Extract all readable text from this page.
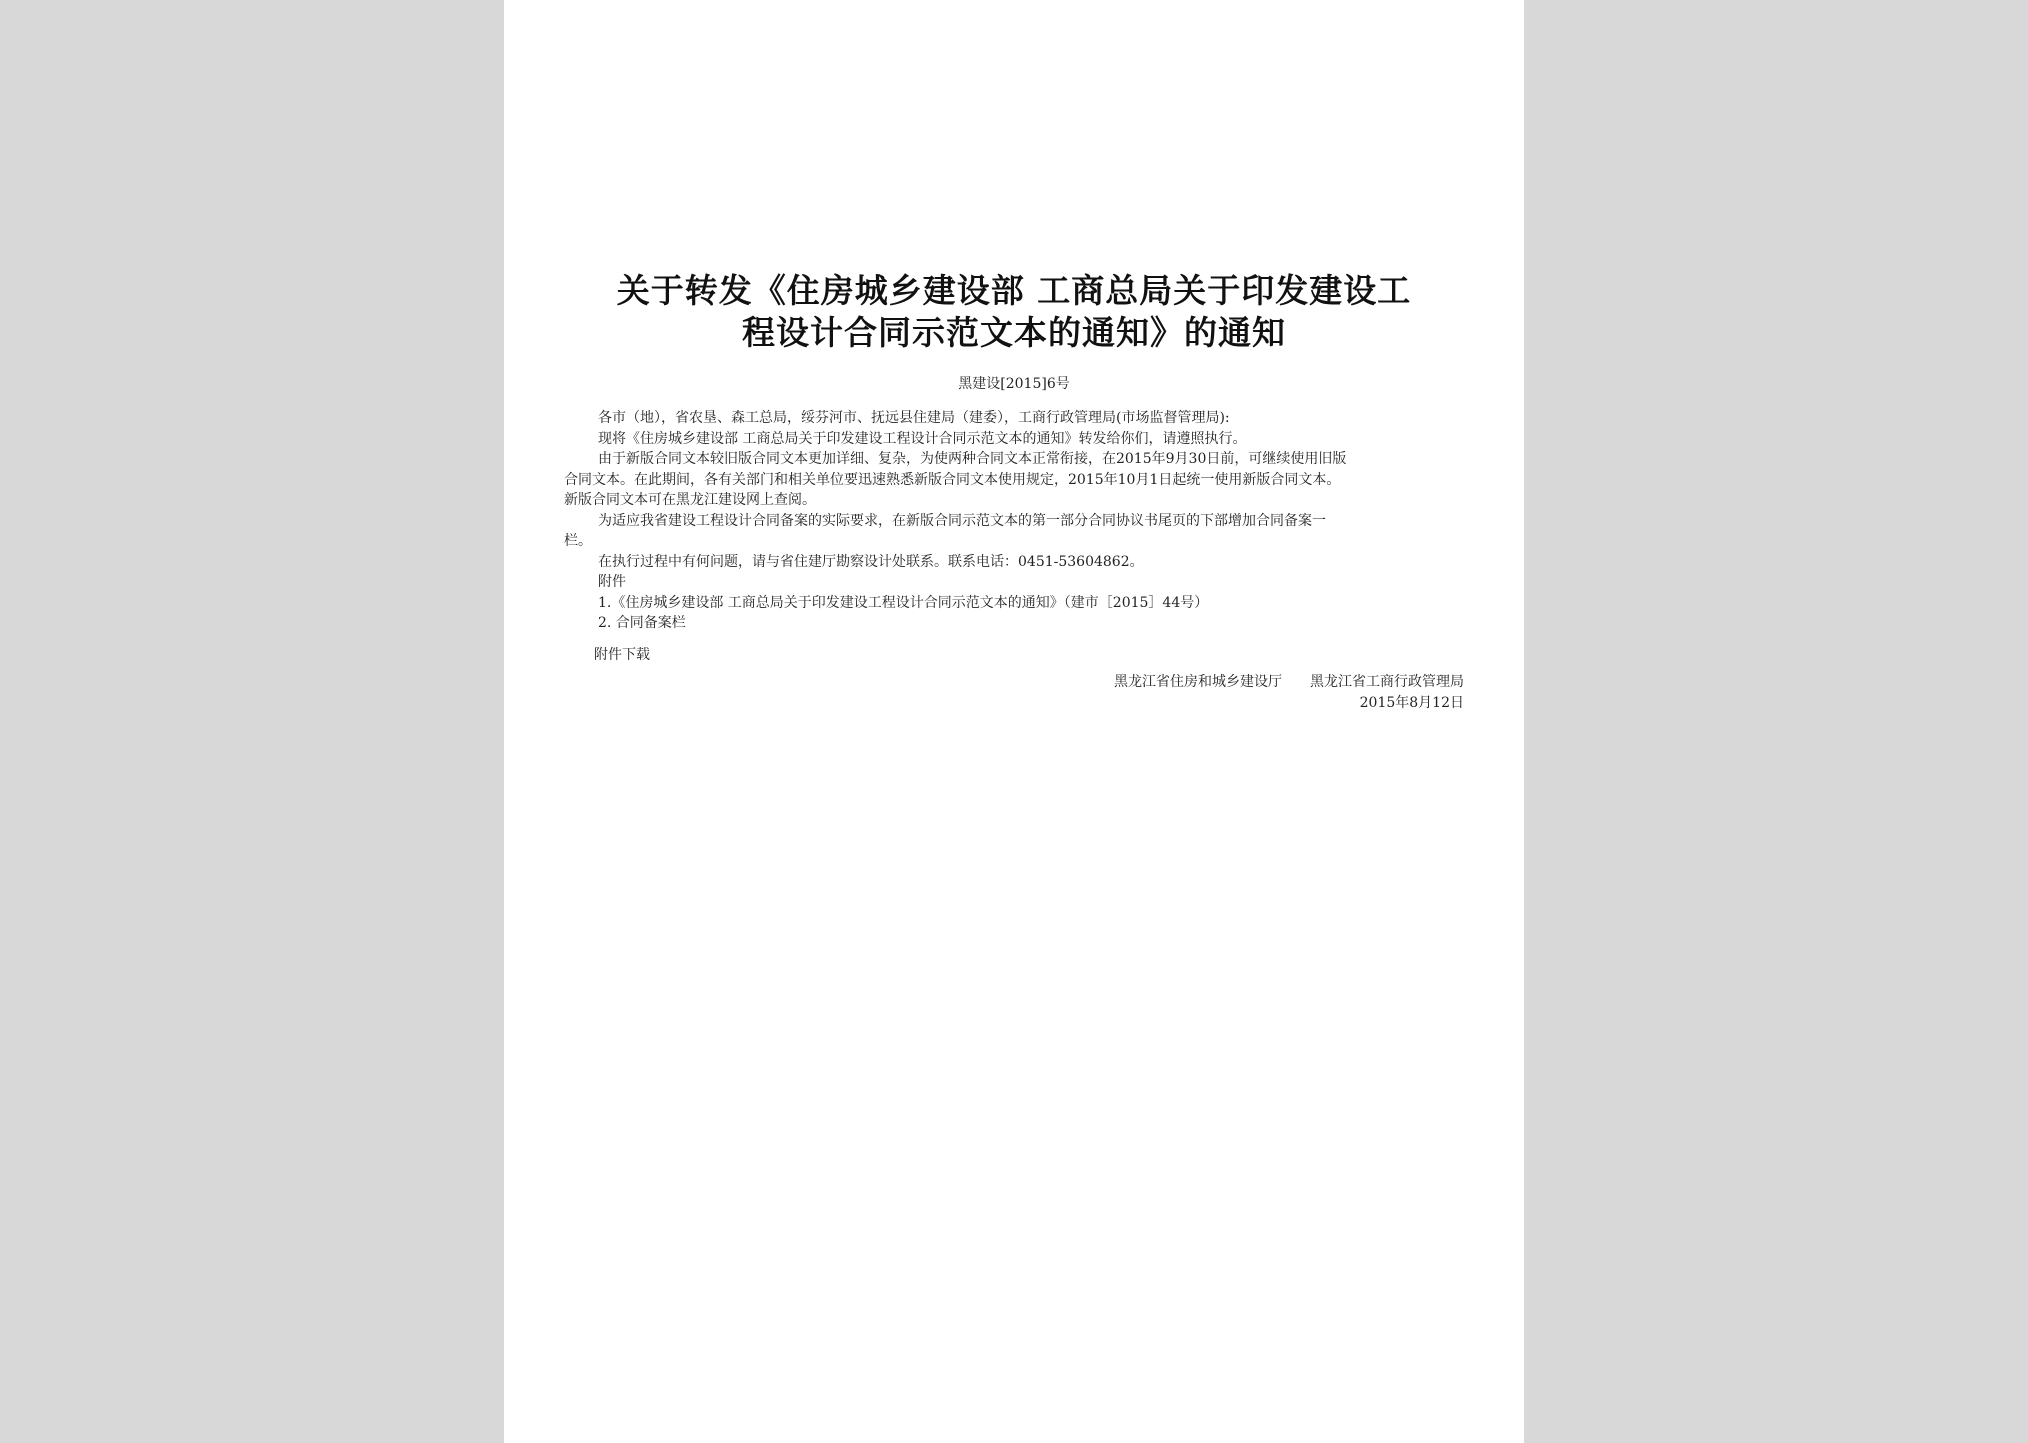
关于转发《住房城乡建设部 工商总局关于印发建设工
程设计合同示范文本的通知》的通知
黑建设[2015]6号
各市（地），省农垦、森工总局，绥芬河市、抚远县住建局（建委），工商行政管理局(市场监督管理局):
现将《住房城乡建设部 工商总局关于印发建设工程设计合同示范文本的通知》转发给你们，请遵照执行。
由于新版合同文本较旧版合同文本更加详细、复杂，为使两种合同文本正常衔接，在2015年9月30日前，可继续使用旧版
合同文本。在此期间，各有关部门和相关单位要迅速熟悉新版合同文本使用规定，2015年10月1日起统一使用新版合同文本。
新版合同文本可在黑龙江建设网上查阅。
为适应我省建设工程设计合同备案的实际要求，在新版合同示范文本的第一部分合同协议书尾页的下部增加合同备案一
栏。
在执行过程中有何问题，请与省住建厅勘察设计处联系。联系电话：0451-53604862。
附件
1.《住房城乡建设部 工商总局关于印发建设工程设计合同示范文本的通知》（建市［2015］44号）
2. 合同备案栏
附件下载
黑龙江省住房和城乡建设厅 黑龙江省工商行政管理局
2015年8月12日
